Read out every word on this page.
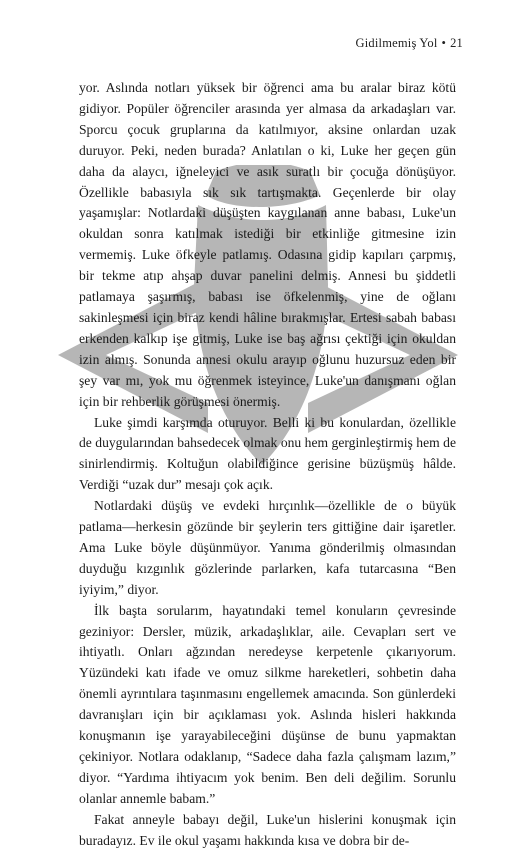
Gidilmemiş Yol • 21

yor. Aslında notları yüksek bir öğrenci ama bu aralar biraz kötü gidiyor. Popüler öğrenciler arasında yer almasa da arkadaşları var. Sporcu çocuk gruplarına da katılmıyor, aksine onlardan uzak duruyor. Peki, neden burada? Anlatılan o ki, Luke her geçen gün daha da alaycı, iğneleyici ve asık suratlı bir çocuğa dönüşüyor. Özellikle babasıyla sık sık tartışmakta. Geçenlerde bir olay yaşamışlar: Notlardaki düşüşten kaygılanan anne babası, Luke'un okuldan sonra katılmak istediği bir etkinliğe gitmesine izin vermemiş. Luke öfkeyle patlamış. Odasına gidip kapıları çarpmış, bir tekme atıp ahşap duvar panelini delmiş. Annesi bu şiddetli patlamaya şaşırmış, babası ise öfkelenmiş, yine de oğlanı sakinleşmesi için biraz kendi hâline bırakmışlar. Ertesi sabah babası erkenden kalkıp işe gitmiş, Luke ise baş ağrısı çektiği için okuldan izin almış. Sonunda annesi okulu arayıp oğlunu huzursuz eden bir şey var mı, yok mu öğrenmek isteyince, Luke'un danışmanı oğlan için bir rehberlik görüşmesi önermiş.

Luke şimdi karşımda oturuyor. Belli ki bu konulardan, özellikle de duygularından bahsedecek olmak onu hem gerginleştirmiş hem de sinirlendirmiş. Koltuğun olabildiğince gerisine büzüşmüş hâlde. Verdiği “uzak dur” mesajı çok açık.

Notlardaki düşüş ve evdeki hırçınlık—özellikle de o büyük patlama—herkesin gözünde bir şeylerin ters gittiğine dair işaretler. Ama Luke böyle düşünmüyor. Yanıma gönderilmiş olmasından duyduğu kızgınlık gözlerinde parlarken, kafa tutarcasına “Ben iyiyim,” diyor.

İlk başta sorularım, hayatındaki temel konuların çevresinde geziniyor: Dersler, müzik, arkadaşlıklar, aile. Cevapları sert ve ihtiyatlı. Onları ağzından neredeyse kerpetenle çıkarıyorum. Yüzündeki katı ifade ve omuz silkme hareketleri, sohbetin daha önemli ayrıntılara taşınmasını engellemek amacında. Son günlerdeki davranışları için bir açıklaması yok. Aslında hisleri hakkında konuşmanın işe yarayabileceğini düşünse de bunu yapmaktan çekiniyor. Notlara odaklanıp, “Sadece daha fazla çalışmam lazım,” diyor. “Yardıma ihtiyacım yok benim. Ben deli değilim. Sorunlu olanlar annemle babam.”

Fakat anneyle babayı değil, Luke'un hislerini konuşmak için buradayız. Ev ile okul yaşamı hakkında kısa ve dobra bir de-
